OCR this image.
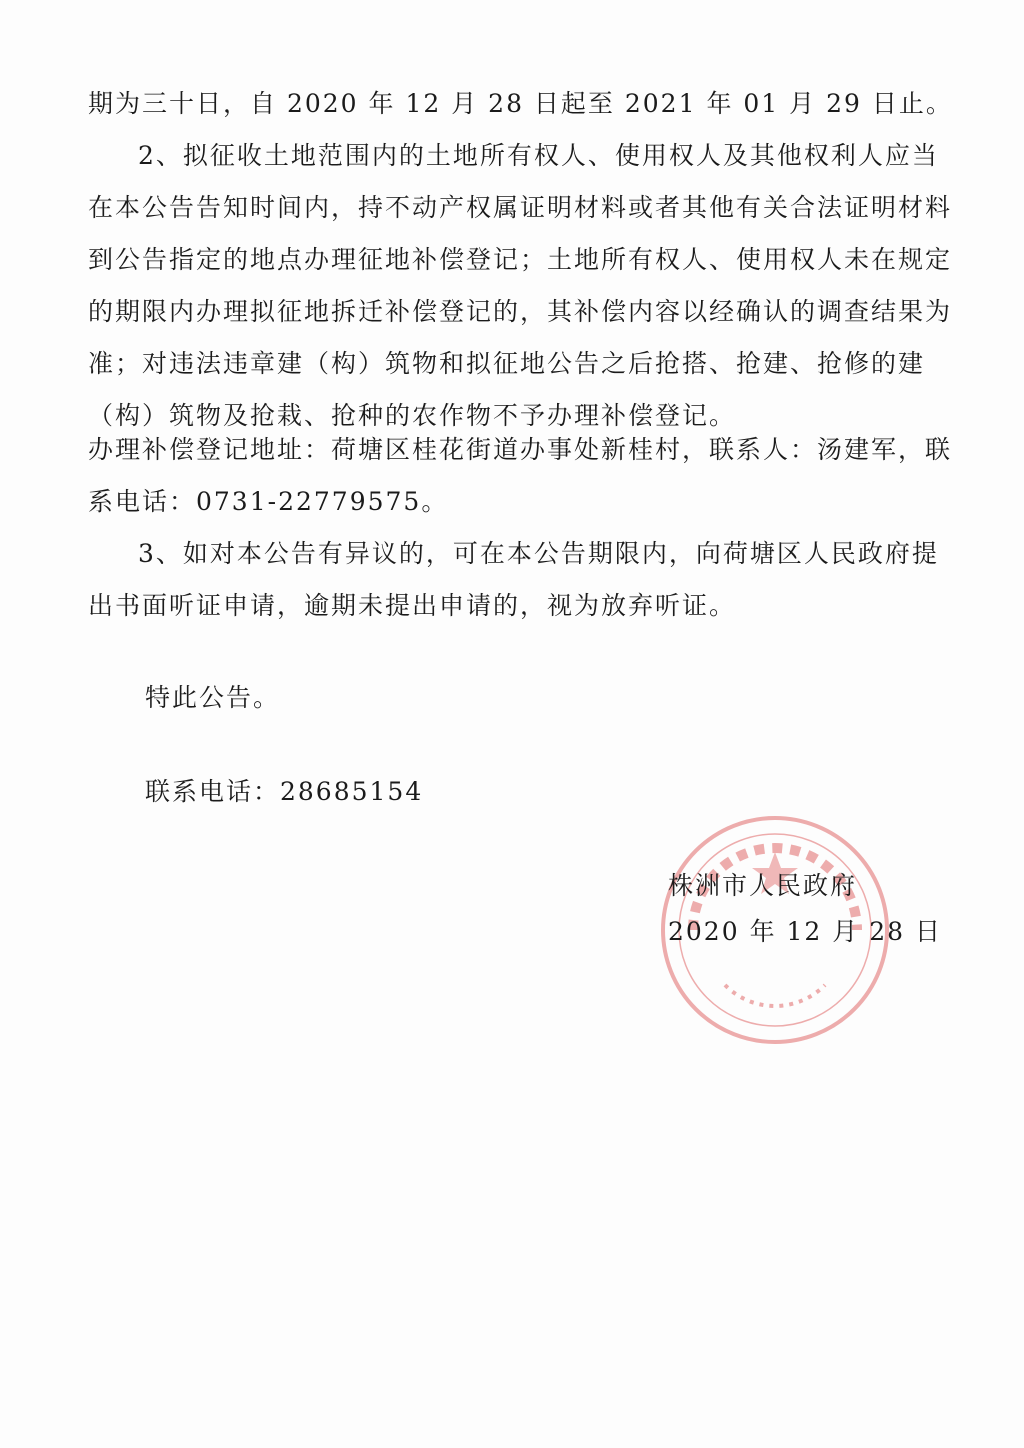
期为三十日，自 2020 年 12 月 28 日起至 2021 年 01 月 29 日止。
2、拟征收土地范围内的土地所有权人、使用权人及其他权利人应当在本公告告知时间内，持不动产权属证明材料或者其他有关合法证明材料到公告指定的地点办理征地补偿登记；土地所有权人、使用权人未在规定的期限内办理拟征地拆迁补偿登记的，其补偿内容以经确认的调查结果为准；对违法违章建（构）筑物和拟征地公告之后抢搭、抢建、抢修的建（构）筑物及抢栽、抢种的农作物不予办理补偿登记。
办理补偿登记地址：荷塘区桂花街道办事处新桂村，联系人：汤建军，联系电话：0731-22779575。
3、如对本公告有异议的，可在本公告期限内，向荷塘区人民政府提出书面听证申请，逾期未提出申请的，视为放弃听证。
特此公告。
联系电话：28685154
株洲市人民政府
2020 年 12 月 28 日
